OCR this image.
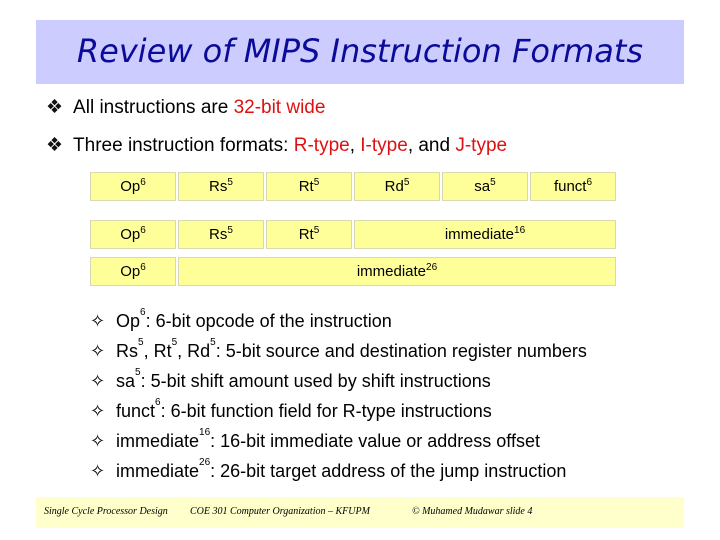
Review of MIPS Instruction Formats
❖ All instructions are 32-bit wide
❖ Three instruction formats: R-type, I-type, and J-type
Op$^6$	Rs$^5$	Rt$^5$	Rd$^5$	$sa^5$	funct$^6$
Op$^6$	Rs$^5$	Rt$^5$	immediate$^{16}$
Op$^6$	immediate$^{26}$
✧ Op$^6$: 6-bit opcode of the instruction
✧ Rs$^5$, Rt$^5$, Rd$^5$: 5-bit source and destination register numbers
✧ $sa^5$: 5-bit shift amount used by shift instructions
✧ funct$^6$: 6-bit function field for R-type instructions
✧ immediate$^{16}$: 16-bit immediate value or address offset
✧ immediate$^{26}$: 26-bit target address of the jump instruction
Single Cycle Processor Design COE 301 Computer Organization – KFUPM	© Muhamed Mudawar slide 4
